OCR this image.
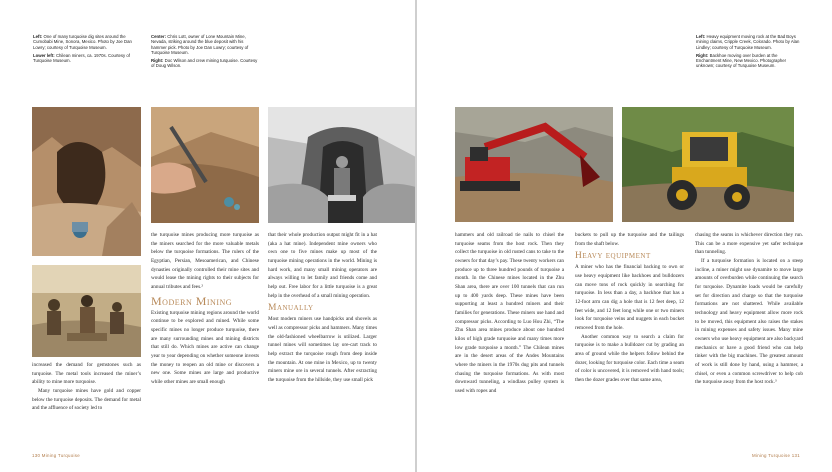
Left: One of many turquoise dig sites around the Cumobabi Mine, Sonora, Mexico. Photo by Joe Dan Lowry; courtesy of Turquoise Museum.

Lower left: Chilean miners, ca. 1970s. Courtesy of Turquoise Museum.

Center: Chris Lott, owner of Lone Mountain Mine, Nevada, striking around the blue deposit with his hammer pick. Photo by Joe Dan Lowry; courtesy of Turquoise Museum.

Right: Doc Wilson and crew mining turquoise. Courtesy of Doug Wilson.

increased the demand for gemstones such as turquoise. The metal tools increased the miner’s ability to mine more turquoise.

Many turquoise mines have gold and copper below the turquoise deposits. The demand for metal and the affluence of society led to

the turquoise mines producing more turquoise as the miners searched for the more valuable metals below the turquoise formations. The rulers of the Egyptian, Persian, Mesoamerican, and Chinese dynasties originally controlled their mine sites and would lease the mining rights to their subjects for annual tributes and fees.²

Modern Mining

Existing turquoise mining regions around the world continue to be explored and mined. While some specific mines no longer produce turquoise, there are many surrounding mines and mining districts that still do. Which mines are active can change year to year depending on whether someone invests the money to reopen an old mine or discovers a new one. Some mines are large and productive while other mines are small enough

that their whole production output might fit in a hat (aka a hat mine). Independent mine owners who own one to five mines make up most of the turquoise mining operations in the world. Mining is hard work, and many small mining operators are always willing to let family and friends come and help out. Free labor for a little turquoise is a great help in the overhead of a small mining operation.

Manually

Most modern miners use handpicks and shovels as well as compressor picks and hammers. Many times the old-fashioned wheelbarrow is utilized. Larger tunnel mines will sometimes lay ore-cart track to help extract the turquoise rough from deep inside the mountain. At one mine in Mexico, up to twenty miners mine ore in several tunnels. After extracting the turquoise from the hillside, they use small pick

130 Mining Turquoise

Left: Heavy equipment moving rock at the Bad Boys mining claims, Cripple Creek, Colorado. Photo by Alan Lindley; courtesy of Turquoise Museum.

Right: Backhoe moving over burden at the Enchantment Mine, New Mexico. Photographer unknown; courtesy of Turquoise Museum.

hammers and old railroad tie nails to chisel the turquoise seams from the host rock. Then they collect the turquoise in old rusted cans to take to the owners for that day’s pay. These twenty workers can produce up to three hundred pounds of turquoise a month. In the Chinese mines located in the Zhu Shan area, there are over 100 tunnels that can run up to 400 yards deep. These mines have been supporting at least a hundred miners and their families for generations. These miners use hand and compressor picks. According to Luo Hou Zhi, “The Zhu Shan area mines produce about one hundred kilos of high grade turquoise and many times more low grade turquoise a month.” The Chilean mines are in the desert areas of the Andes Mountains where the miners in the 1970s dug pits and tunnels chasing the turquoise formations. As with most downward tunneling, a windlass pulley system is used with ropes and

buckets to pull up the turquoise and the tailings from the shaft below.

Heavy equipment

A miner who has the financial backing to own or use heavy equipment like backhoes and bulldozers can move tons of rock quickly in searching for turquoise. In less than a day, a backhoe that has a 12-foot arm can dig a hole that is 12 feet deep, 12 feet wide, and 12 feet long while one or two miners look for turquoise veins and nuggets in each bucket removed from the hole.

Another common way to search a claim for turquoise is to make a bulldozer cut by grading an area of ground while the helpers follow behind the dozer, looking for turquoise color. Each time a seam of color is uncovered, it is removed with hand tools; then the dozer grades over that same area,

chasing the seams in whichever direction they run. This can be a more expensive yet safer technique than tunneling.

If a turquoise formation is located on a steep incline, a miner might use dynamite to move large amounts of overburden while continuing the search for turquoise. Dynamite loads would be carefully set for direction and charge so that the turquoise formations are not shattered. While available technology and heavy equipment allow more rock to be moved, this equipment also raises the stakes in mining expenses and safety issues. Many mine owners who use heavy equipment are also backyard mechanics or have a good friend who can help tinker with the big machines. The greatest amount of work is still done by hand, using a hammer, a chisel, or even a common screwdriver to help cob the turquoise away from the host rock.³

Mining Turquoise 131
